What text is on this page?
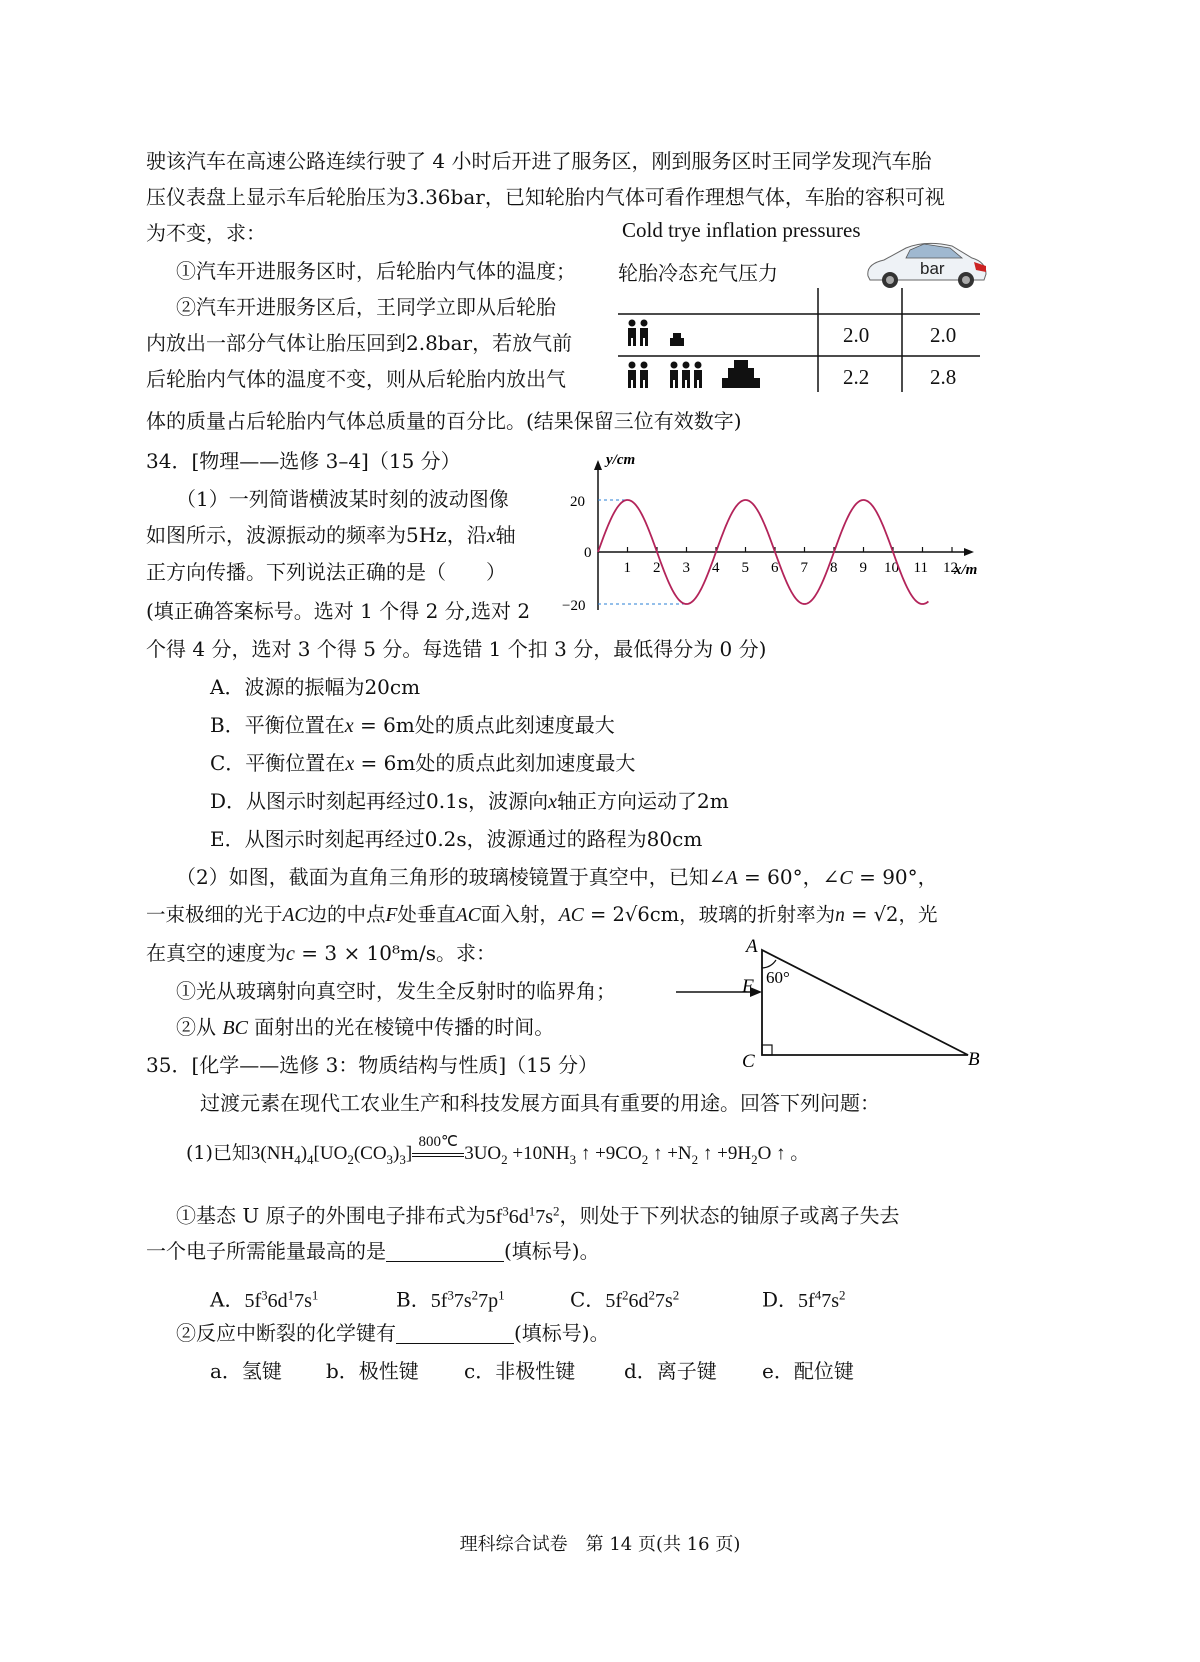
驶该汽车在高速公路连续行驶了 4 小时后开进了服务区，刚到服务区时王同学发现汽车胎
压仪表盘上显示车后轮胎压为3.36bar，已知轮胎内气体可看作理想气体，车胎的容积可视
为不变，求：
①汽车开进服务区时，后轮胎内气体的温度；
②汽车开进服务区后，王同学立即从后轮胎
内放出一部分气体让胎压回到2.8bar，若放气前
后轮胎内气体的温度不变，则从后轮胎内放出气
体的质量占后轮胎内气体总质量的百分比。(结果保留三位有效数字)
Cold trye inflation pressures
轮胎冷态充气压力	bar
2.0	2.0
2.2	2.8
34．[物理——选修 3–4]（15 分）
（1）一列简谐横波某时刻的波动图像
如图所示，波源振动的频率为5Hz，沿x轴
正方向传播。下列说法正确的是（　　）
(填正确答案标号。选对 1 个得 2 分,选对 2
个得 4 分，选对 3 个得 5 分。每选错 1 个扣 3 分，最低得分为 0 分)
A．波源的振幅为20cm
B．平衡位置在x = 6m处的质点此刻速度最大
C．平衡位置在x = 6m处的质点此刻加速度最大
D．从图示时刻起再经过0.1s，波源向x轴正方向运动了2m
E．从图示时刻起再经过0.2s，波源通过的路程为80cm
1 2 3 4 5 6 7 8 9 10 11 12
20
0
−20
y/cm
x/m
（2）如图，截面为直角三角形的玻璃棱镜置于真空中，已知∠A = 60°，∠C = 90°，
一束极细的光于AC边的中点F处垂直AC面入射，AC = 2√6cm，玻璃的折射率为n = √2，光
在真空的速度为c = 3 × 10⁸m/s。求：
①光从玻璃射向真空时，发生全反射时的临界角；
②从 BC 面射出的光在棱镜中传播的时间。
A
F
C	B
60°
35．[化学——选修 3：物质结构与性质]（15 分）
过渡元素在现代工农业生产和科技发展方面具有重要的用途。回答下列问题：
(1)已知$3(NH_4)_4[UO_2(CO_3)_3]$
800℃
$3UO_2 +10NH_3$ ↑ $+9CO_2$ ↑ $+N_2$ ↑ $+9H_2O$ ↑ 。
①基态 U 原子的外围电子排布式为$5f^36d^17s^2$，则处于下列状态的铀原子或离子失去
一个电子所需能量最高的是	(填标号)。
A．$5f^36d^17s^1$	B．$5f^37s^27p^1$	C．$5f^26d^27s^2$	D．$5f^47s^2$
②反应中断裂的化学键有	(填标号)。
a．氢键 b．极性键 c．非极性键 d．离子键 e．配位键
理科综合试卷　第 14 页(共 16 页)
